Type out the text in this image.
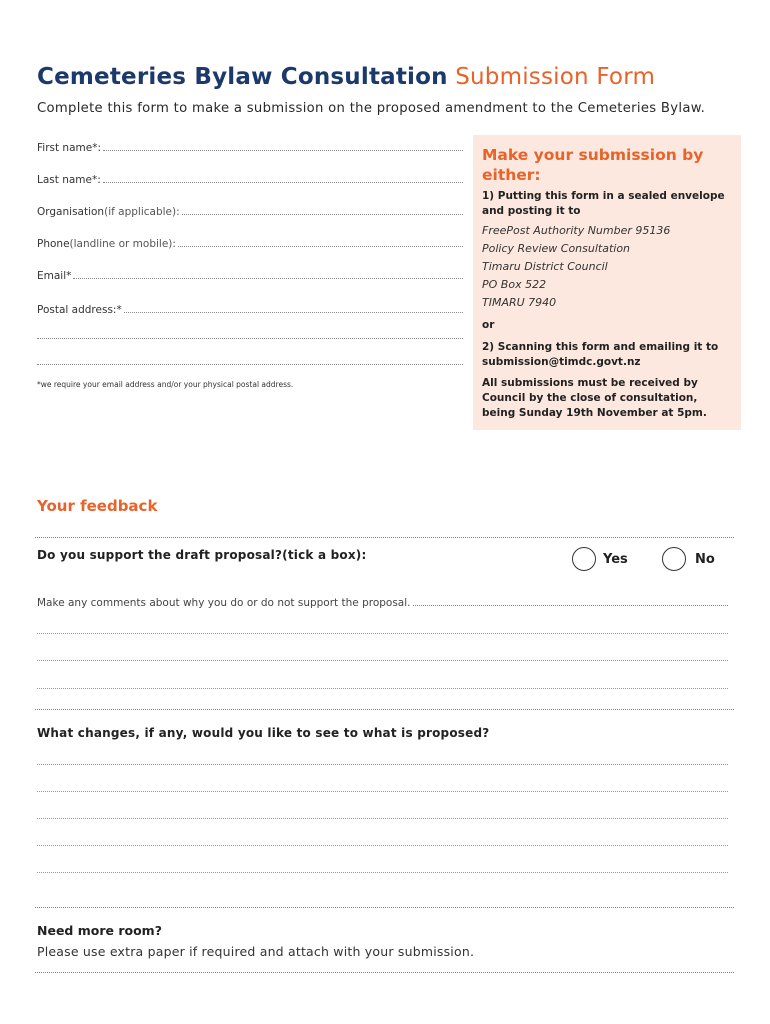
Cemeteries Bylaw Consultation Submission Form
Complete this form to make a submission on the proposed amendment to the Cemeteries Bylaw.
First name*:
Last name*:
Organisation (if applicable):
Phone (landline or mobile):
Email*
Postal address:*
*we require your email address and/or your physical postal address.
Make your submission by either:
1) Putting this form in a sealed envelope and posting it to
FreePost Authority Number 95136
Policy Review Consultation
Timaru District Council
PO Box 522
TIMARU 7940
or
2) Scanning this form and emailing it to submission@timdc.govt.nz
All submissions must be received by Council by the close of consultation, being Sunday 19th November at 5pm.
Your feedback
Do you support the draft proposal?(tick a box):	Yes	No
Make any comments about why you do or do not support the proposal.
What changes, if any, would you like to see to what is proposed?
Need more room?
Please use extra paper if required and attach with your submission.
